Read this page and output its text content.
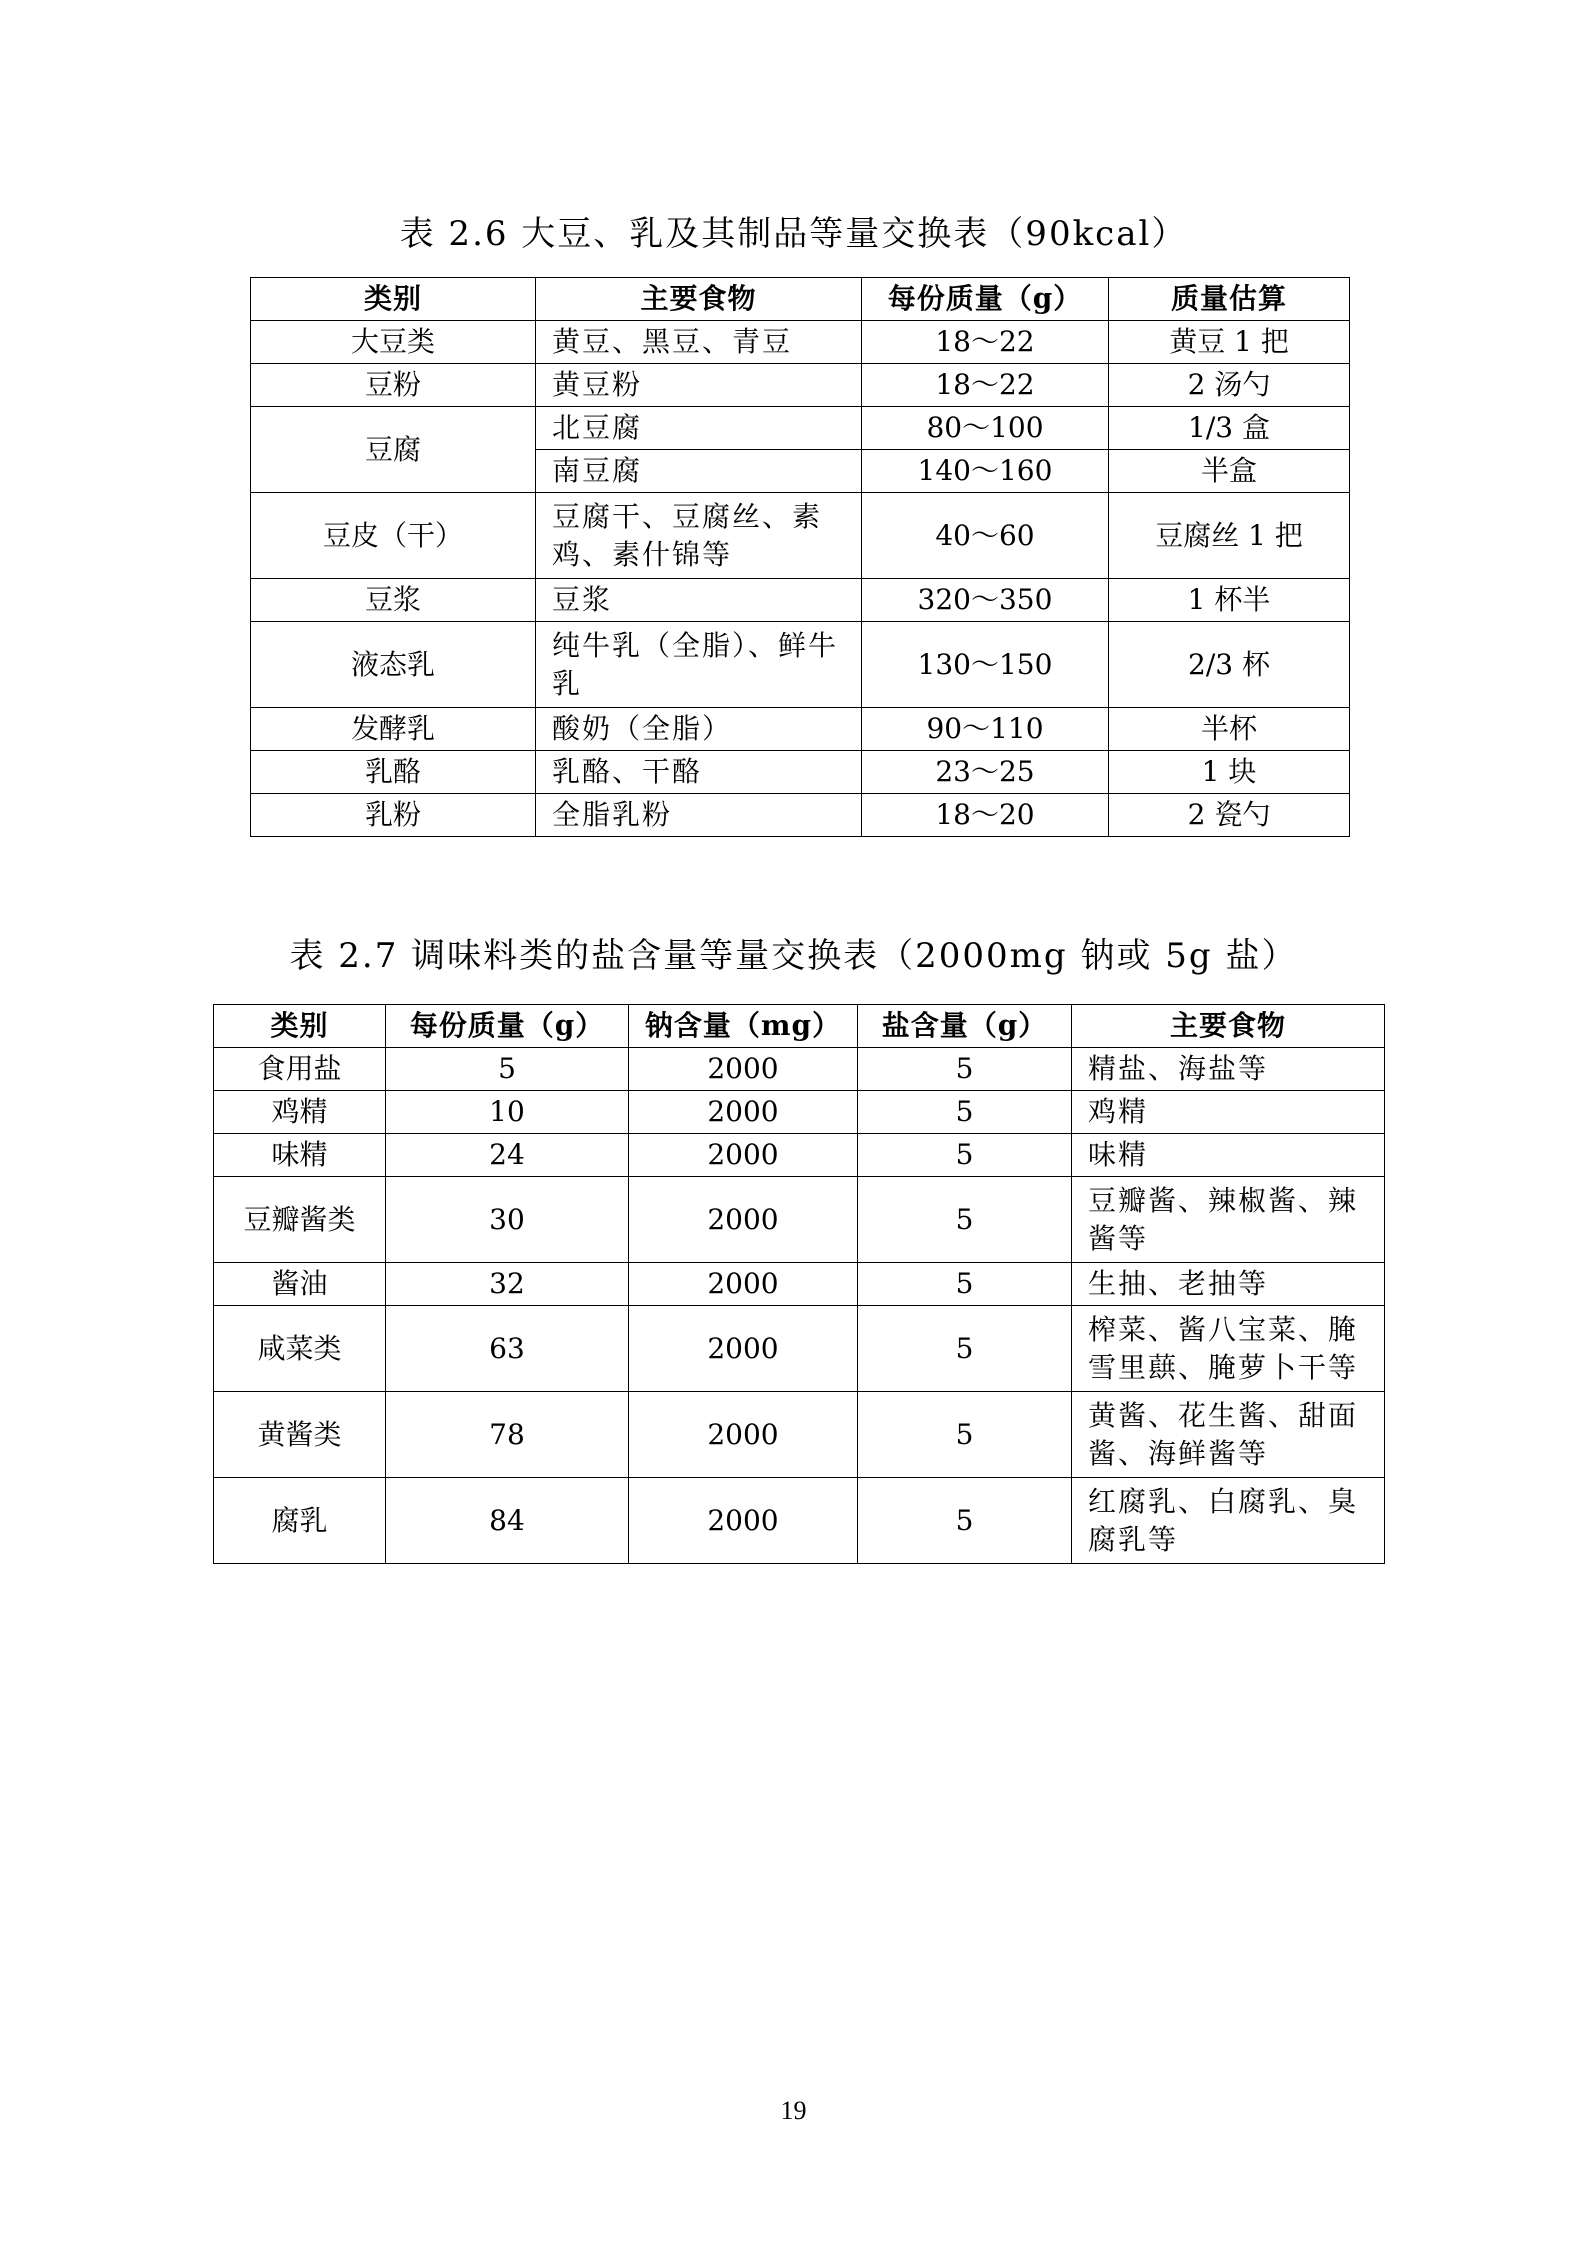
表 2.6 大豆、乳及其制品等量交换表（90kcal）
类别	主要食物	每份质量（g）	质量估算
大豆类	黄豆、黑豆、青豆	18～22	黄豆 1 把
豆粉	黄豆粉	18～22	2 汤勺
豆腐	北豆腐	80～100	1/3 盒
	南豆腐	140～160	半盒
豆皮（干）	豆腐干、豆腐丝、素鸡、素什锦等	40～60	豆腐丝 1 把
豆浆	豆浆	320～350	1 杯半
液态乳	纯牛乳（全脂）、鲜牛乳	130～150	2/3 杯
发酵乳	酸奶（全脂）	90～110	半杯
乳酪	乳酪、干酪	23～25	1 块
乳粉	全脂乳粉	18～20	2 瓷勺
表 2.7 调味料类的盐含量等量交换表（2000mg 钠或 5g 盐）
类别	每份质量（g）	钠含量（mg）	盐含量（g）	主要食物
食用盐	5	2000	5	精盐、海盐等
鸡精	10	2000	5	鸡精
味精	24	2000	5	味精
豆瓣酱类	30	2000	5	豆瓣酱、辣椒酱、辣酱等
酱油	32	2000	5	生抽、老抽等
咸菜类	63	2000	5	榨菜、酱八宝菜、腌雪里蕻、腌萝卜干等
黄酱类	78	2000	5	黄酱、花生酱、甜面酱、海鲜酱等
腐乳	84	2000	5	红腐乳、白腐乳、臭腐乳等
19
